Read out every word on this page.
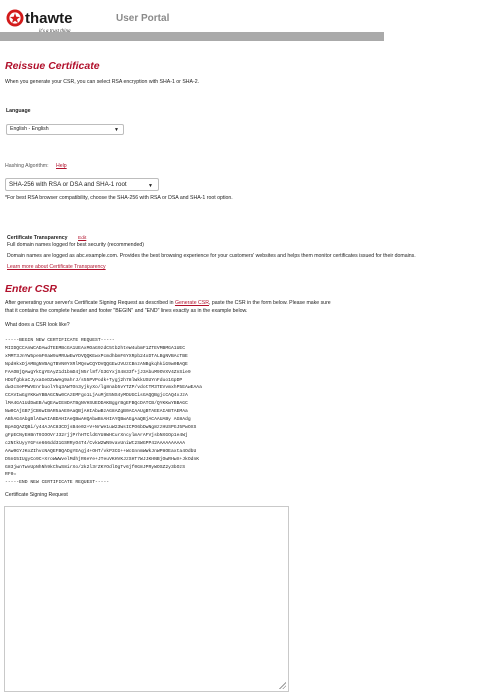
thawte	User Portal
Reissue Certificate
When you generate your CSR, you can select RSA encryption with SHA-1 or SHA-2.
Language
English - English	▼
Hashing Algorithm: Help
SHA-256 with RSA or DSA and SHA-1 root	▼
*For best RSA browser compatibility, choose the SHA-256 with RSA or DSA and SHA-1 root option.
Certificate Transparency Edit
Full domain names logged for best security (recommended)
Domain names are logged as abc.example.com. Provides the best browsing experience for your customers' websites and helps them monitor certificates issued for their domains.
Learn more about Certificate Transparency
Enter CSR
After generating your server's Certificate Signing Request as described in Generate CSR, paste the CSR in the form below. Please make sure
that it contains the complete header and footer "BEGIN" and "END" lines exactly as in the example below.
What does a CSR look like?
-----BEGIN NEW CERTIFICATE REQUEST-----
MIIDQCCAnWCADAwdTEEMBcGA1UEAxMOaG9zdC5tb2hteW4ubmF1ZTEVMBMGA1UEC
xMMT3JnYW5pemF0aW9uMRUwEwYDVQQKEwxPcmdhbmF6YXRpb24xDTALBgNVBAcTBE
NpdHkxDjAMBgNVBAgTBVN0YXRlMQswCQYDVQQGEwJVUzCBnzANBgkqhkiG9w0BAQE
FAAOBjQAwgYkCgYEAyZ1d1bmD4jN5rl8f/G3GYxjS4833f+jJ3AbuM9OVXV4ZnSie9
HDUfgbkaCJyxaGeDZwWeg9ahrJ/s55PVPodk+Tygj2h78lWkkUSUYnFduo1GpDP
dw3cSePPWVEnrbuolYhq3AWTOn3yjkyXo/lg8nab5vYTZP/vdotTM3TEVvmxhP5EAwEAAa
CCAVIwGgYKKwYBBAGCNw0CAzEMFgo1LjAuMjE5NS4yMDUGCisGAQQBgjcCAQ4xJzA
lMA4GA1UdDwEB/wQEAwIE8DATBgNVHSUEDDAKBggrBgEFBQcDATCB/QYKKwYBBAGC
Nw0CAjGB7jCB6wIBAR5aAE0AaQBjAHIAbwBzAG8AZgB0ACAAUgBTAEEAIABTAEMAa
ABhAG4AbgBlAGwAIABDAHIAeQBwAHQAbwBnAHIAYQBwAGgAaQBjACAAUABy AG8Adg
BpAGQAZQBi/y44AJAC83CDjsB4e02+V+NrWe1uW23WsICPO6bDwNg8zzHUSPGJ5PwOXS
gFpECNyEHBnT9IOOVrJ32rjjPrhHTCldGYU8WHCurXncylmArAFVjsbNXGOp1e4Wj
c2NtkUyyYGFse666dd31GSRRyO4T4/CvkW2WN9vavUniWt2SWGPP42AAAAAAAAAA
AAw0GYJKoZIhvcNAQEFBQADgYEAgj4+OHT/vkP3CG++WcGnnmWWkJnWP8OEaxta4OdbU
D5nG5IUgyCo9C+XroWWWvelMdhjR6eYe+JTeuVKHVKJzSHT7WJJKHNBjOwRHwX+JkOdnK
G83jwnTwvUpNhNh9kChwS8irXo/2k2l3rZKYOdlOgTv6jf0G8JPRyWOSZ2y3bOzS
RF0=
-----END NEW CERTIFICATE REQUEST-----
Certificate Signing Request
